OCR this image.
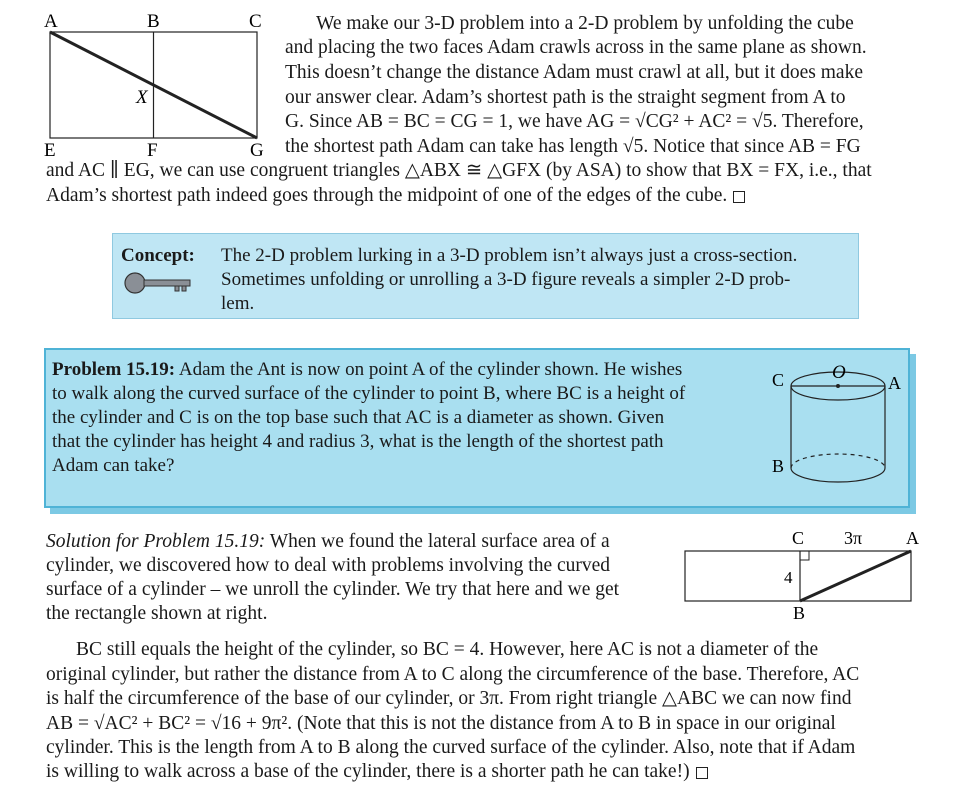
A	B	C
X
E	F	G
We make our 3-D problem into a 2-D problem by unfolding the cube
and placing the two faces Adam crawls across in the same plane as shown.
This doesn’t change the distance Adam must crawl at all, but it does make
our answer clear. Adam’s shortest path is the straight segment from A to
G. Since AB = BC = CG = 1, we have AG = √CG² + AC² = √5. Therefore,
the shortest path Adam can take has length √5. Notice that since AB = FG
and AC ∥ EG, we can use congruent triangles △ABX ≅ △GFX (by ASA) to show that BX = FX, i.e., that
Adam’s shortest path indeed goes through the midpoint of one of the edges of the cube.
Concept: The 2-D problem lurking in a 3-D problem isn’t always just a cross-section.
Sometimes unfolding or unrolling a 3-D figure reveals a simpler 2-D prob-
lem.
Problem 15.19: Adam the Ant is now on point A of the cylinder shown. He wishes
to walk along the curved surface of the cylinder to point B, where BC is a height of
the cylinder and C is on the top base such that AC is a diameter as shown. Given
that the cylinder has height 4 and radius 3, what is the length of the shortest path
Adam can take?
C	O A
B
Solution for Problem 15.19: When we found the lateral surface area of a
cylinder, we discovered how to deal with problems involving the curved
surface of a cylinder – we unroll the cylinder. We try that here and we get
the rectangle shown at right.
C 3π A
4
B
BC still equals the height of the cylinder, so BC = 4. However, here AC is not a diameter of the
original cylinder, but rather the distance from A to C along the circumference of the base. Therefore, AC
is half the circumference of the base of our cylinder, or 3π. From right triangle △ABC we can now find
AB = √AC² + BC² = √16 + 9π². (Note that this is not the distance from A to B in space in our original
cylinder. This is the length from A to B along the curved surface of the cylinder. Also, note that if Adam
is willing to walk across a base of the cylinder, there is a shorter path he can take!)
